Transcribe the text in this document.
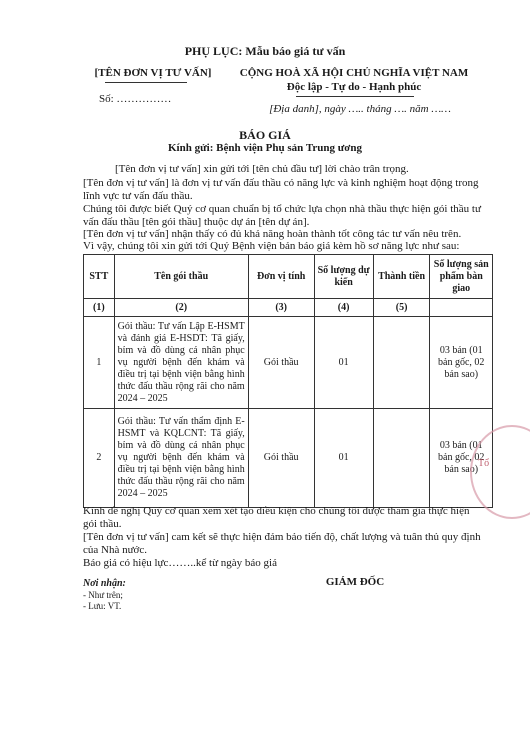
PHỤ LỤC: Mẫu báo giá tư vấn
[TÊN ĐƠN VỊ TƯ VẤN]
Số: ……………
CỘNG HOÀ XÃ HỘI CHỦ NGHĨA VIỆT NAM
Độc lập - Tự do - Hạnh phúc
[Địa danh], ngày ….. tháng …. năm ……
BÁO GIÁ
Kính gửi: Bệnh viện Phụ sản Trung ương
[Tên đơn vị tư vấn] xin gửi tới [tên chủ đầu tư] lời chào trân trọng.
[Tên đơn vị tư vấn] là đơn vị tư vấn đấu thầu có năng lực và kinh nghiệm hoạt động trong lĩnh vực tư vấn đấu thầu.
Chúng tôi được biết Quý cơ quan chuẩn bị tổ chức lựa chọn nhà thầu thực hiện gói thầu tư vấn đấu thầu [tên gói thầu] thuộc dự án [tên dự án].
[Tên đơn vị tư vấn] nhận thấy có đủ khả năng hoàn thành tốt công tác tư vấn nêu trên.
Vì vậy, chúng tôi xin gửi tới Quý Bệnh viện bản báo giá kèm hồ sơ năng lực như sau:
STT	Tên gói thầu	Đơn vị tính	Số lượng dự kiến	Thành tiền	Số lượng sản phẩm bàn giao
(1)	(2)	(3)	(4)	(5)	
1	Gói thầu: Tư vấn Lập E-HSMT và đánh giá E-HSDT: Tã giấy, bỉm và đồ dùng cá nhân phục vụ người bệnh đến khám và điều trị tại bệnh viện bằng hình thức đấu thầu rộng rãi cho năm 2024 – 2025	Gói thầu	01		03 bản (01 bản gốc, 02 bản sao)
2	Gói thầu: Tư vấn thẩm định E-HSMT và KQLCNT: Tã giấy, bỉm và đồ dùng cá nhân phục vụ người bệnh đến khám và điều trị tại bệnh viện bằng hình thức đấu thầu rộng rãi cho năm 2024 – 2025	Gói thầu	01		03 bản (01 bản gốc, 02 bản sao)
Kính đề nghị Quý cơ quan xem xét tạo điều kiện cho chúng tôi được tham gia thực hiện gói thầu.
[Tên đơn vị tư vấn] cam kết sẽ thực hiện đảm bảo tiến độ, chất lượng và tuân thủ quy định của Nhà nước.
Báo giá có hiệu lực……..kể từ ngày báo giá
Nơi nhận:
- Như trên;
- Lưu: VT.
GIÁM ĐỐC
Tổ
